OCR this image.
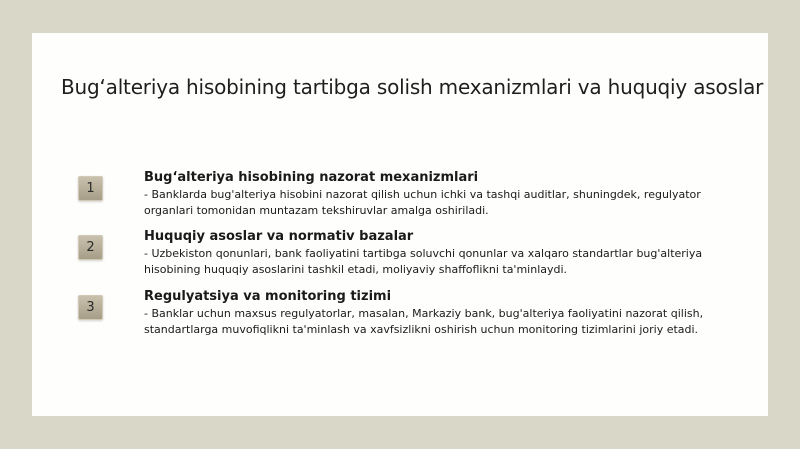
Bug‘alteriya hisobining tartibga solish mexanizmlari va huquqiy asoslar
1
Bug‘alteriya hisobining nazorat mexanizmlari
- Banklarda bug'alteriya hisobini nazorat qilish uchun ichki va tashqi auditlar, shuningdek, regulyator organlari tomonidan muntazam tekshiruvlar amalga oshiriladi.
2
Huquqiy asoslar va normativ bazalar
- Uzbekiston qonunlari, bank faoliyatini tartibga soluvchi qonunlar va xalqaro standartlar bug'alteriya hisobining huquqiy asoslarini tashkil etadi, moliyaviy shaffoflikni ta'minlaydi.
3
Regulyatsiya va monitoring tizimi
- Banklar uchun maxsus regulyatorlar, masalan, Markaziy bank, bug'alteriya faoliyatini nazorat qilish, standartlarga muvofiqlikni ta'minlash va xavfsizlikni oshirish uchun monitoring tizimlarini joriy etadi.
